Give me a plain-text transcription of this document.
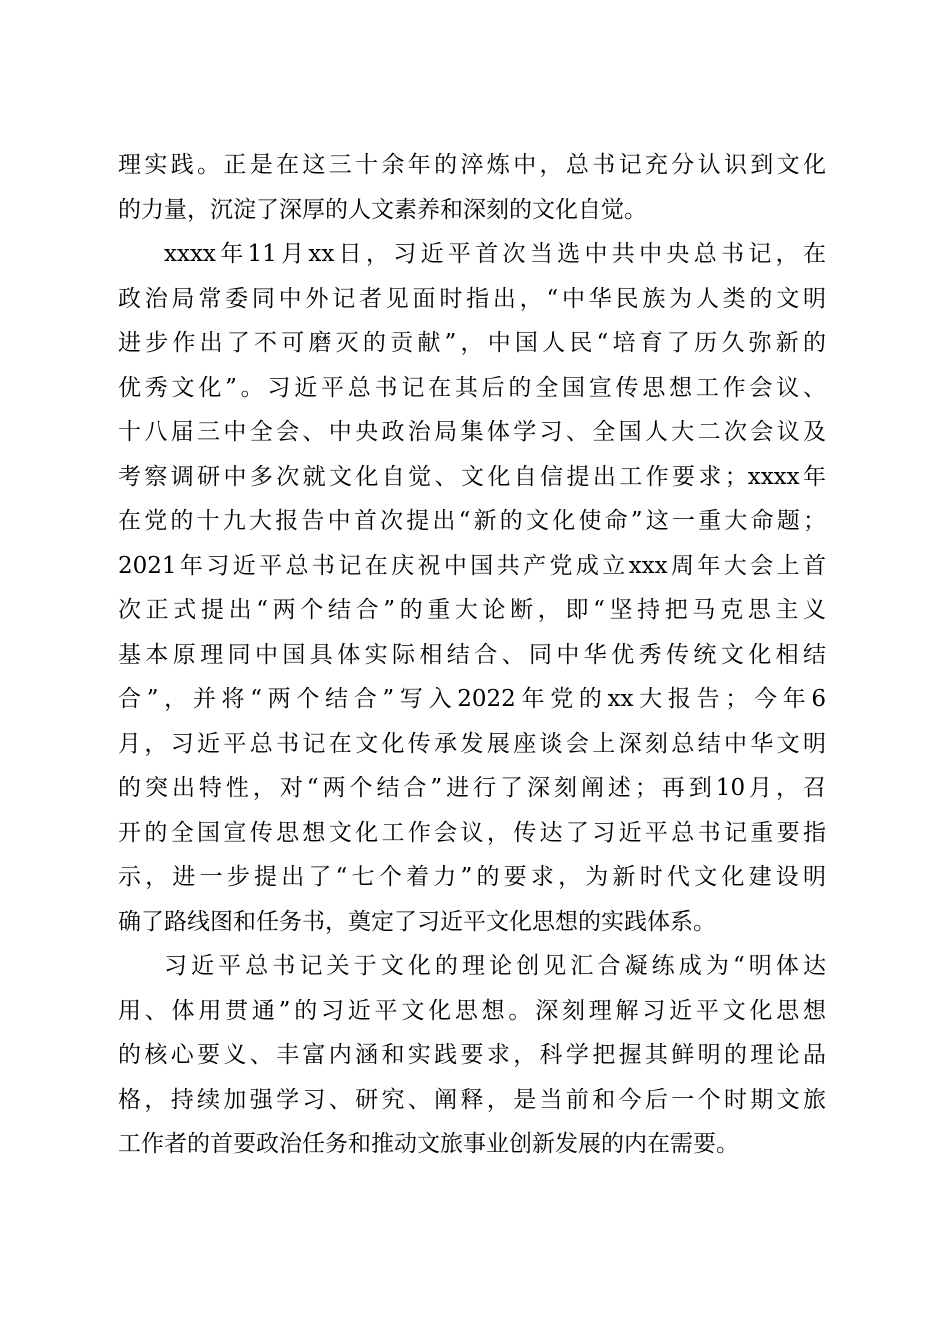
理实践。正是在这三十余年的淬炼中，总书记充分认识到文化
的力量，沉淀了深厚的人文素养和深刻的文化自觉。
xxxx年11月xx日，习近平首次当选中共中央总书记，在
政治局常委同中外记者见面时指出，“中华民族为人类的文明
进步作出了不可磨灭的贡献”，中国人民“培育了历久弥新的
优秀文化”。习近平总书记在其后的全国宣传思想工作会议、
十八届三中全会、中央政治局集体学习、全国人大二次会议及
考察调研中多次就文化自觉、文化自信提出工作要求；xxxx年
在党的十九大报告中首次提出“新的文化使命”这一重大命题；
2021年习近平总书记在庆祝中国共产党成立xxx周年大会上首
次正式提出“两个结合”的重大论断，即“坚持把马克思主义
基本原理同中国具体实际相结合、同中华优秀传统文化相结
合”，并将“两个结合”写入2022年党的xx大报告；今年6
月，习近平总书记在文化传承发展座谈会上深刻总结中华文明
的突出特性，对“两个结合”进行了深刻阐述；再到10月，召
开的全国宣传思想文化工作会议，传达了习近平总书记重要指
示，进一步提出了“七个着力”的要求，为新时代文化建设明
确了路线图和任务书，奠定了习近平文化思想的实践体系。
习近平总书记关于文化的理论创见汇合凝练成为“明体达
用、体用贯通”的习近平文化思想。深刻理解习近平文化思想
的核心要义、丰富内涵和实践要求，科学把握其鲜明的理论品
格，持续加强学习、研究、阐释，是当前和今后一个时期文旅
工作者的首要政治任务和推动文旅事业创新发展的内在需要。
